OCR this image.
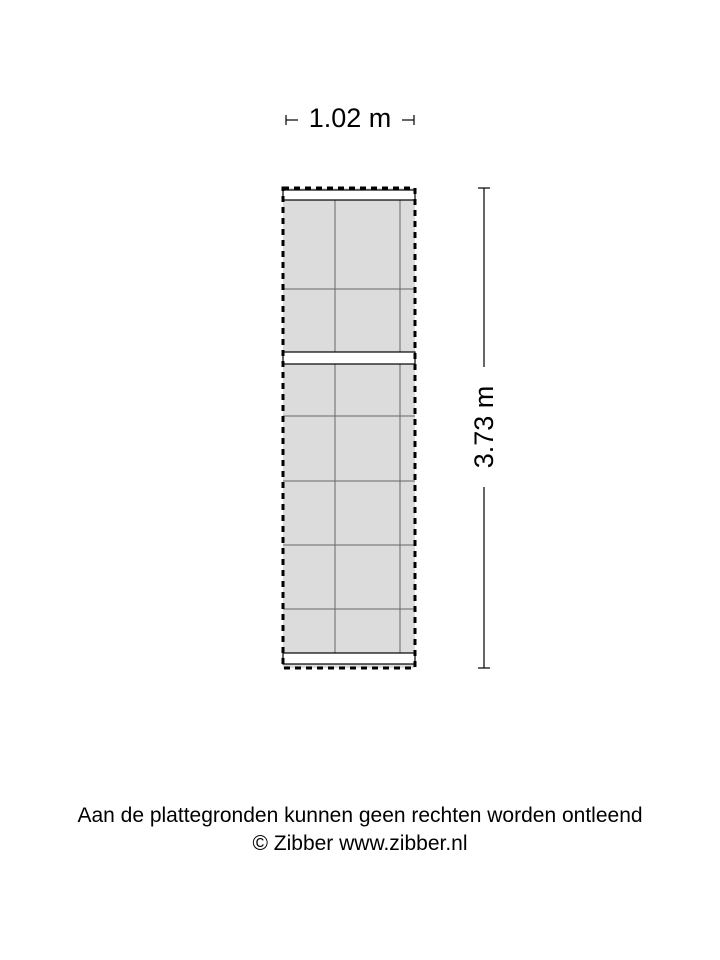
1.02 m
3.73 m
Aan de plattegronden kunnen geen rechten worden ontleend
© Zibber www.zibber.nl
